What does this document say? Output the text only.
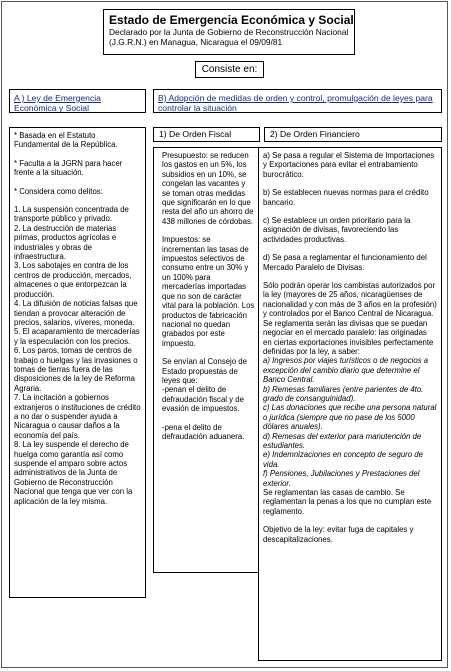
Estado de Emergencia Económica y Social
Declarado por la Junta de Gobierno de Reconstrucción Nacional
(J.G.R.N.) en Managua, Nicaragua el 09/09/81
Consiste en:
A ) Ley de Emergencia Económica y Social
B) Adopción de medidas de orden y control, promulgación de leyes para controlar la situación
1) De Orden Fiscal	2) De Orden Financiero

* Basada en el Estatuto Fundamental de la República.

* Faculta a la JGRN para hacer frente a la situación.

* Considera como delitos:

1. La suspensión concentrada de transporte público y privado.

2. La destrucción de materias primas, productos agrícolas e industriales y obras de infraestructura.

3. Los sabotajes en contra de los centros de producción, mercados, almacenes o que entorpezcan la producción.

4. La difusión de noticias falsas que tiendan a provocar alteración de precios, salarios, víveres, moneda.

5. El acaparamiento de mercaderías y la especulación con los precios.

6. Los paros, tomas de centros de trabajo o huelgas y las invasiones o tomas de tierras fuera de las disposiciones de la ley de Reforma Agraria.

7. La incitación a gobiernos extranjeros o instituciones de crédito a no dar o suspender ayuda a Nicaragua o causar daños a la economía del país.

8. La ley suspende el derecho de huelga como garantía así como suspende el amparo sobre actos administrativos de la Junta de Gobierno de Reconstrucción Nacional que tenga que ver con la aplicación de la ley misma.

Presupuesto: se reducen los gastos en un 5%, los subsidios en un 10%, se congelan las vacantes y se toman otras medidas que significarán en lo que resta del año un ahorro de 438 millones de córdobas.

Impuestos: se incrementan las tasas de impuestos selectivos de consumo entre un 30% y un 100% para mercaderías importadas que no son de carácter vital para la población. Los productos de fabricación nacional no quedan grabados por este impuesto.

Se envían al Consejo de Estado propuestas de leyes que:

-penan el delito de defraudación fiscal y de evasión de impuestos.

-pena el delito de defraudación aduanera.

a) Se pasa a regular el Sistema de Importaciones y Exportaciones para evitar el entrabamiento burocrático.

b) Se establecen nuevas normas para el crédito bancario.

c) Se establece un orden prioritario para la asignación de divisas, favoreciendo las actividades productivas.

d) Se pasa a reglamentar el funcionamiento del Mercado Paralelo de Divisas.

Sólo podrán operar los cambistas autorizados por la ley (mayores de 25 años, nicaragüenses de nacionalidad y con más de 3 años en la profesión) y controlados por el Banco Central de Nicaragua.

Se reglamenta serán las divisas que se puedan negociar en el mercado paralelo: las originadas en ciertas exportaciones invisibles perfectamente definidas por la ley, a saber:

a) Ingresos por viajes turísticos o de negocios a excepción del cambio diario que determine el Banco Central.

b) Remesas familiares (entre parientes de 4to. grado de consanguinidad).

c) Las donaciones que recibe una persona natural o jurídica (siempre que no pase de los 5000 dólares anuales).

d) Remesas del exterior para manutención de estudiantes.

e) Indemnizaciones en concepto de seguro de vida.

f) Pensiones, Jubilaciones y Prestaciones del exterior.

Se reglamentan las casas de cambio. Se reglamentan la penas a los que no cumplan este reglamento.

Objetivo de la ley: evitar fuga de capitales y descapitalizaciones.
